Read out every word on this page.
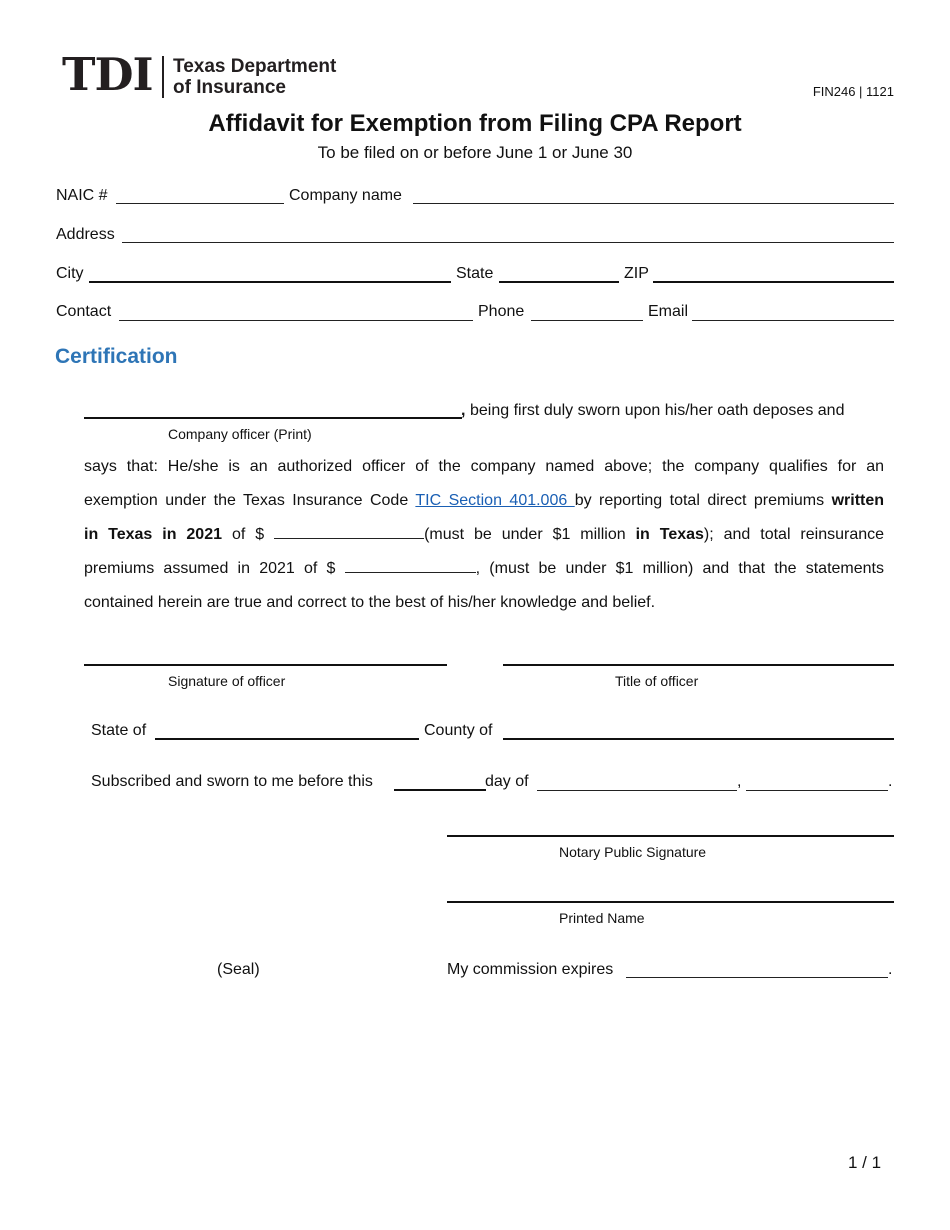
TDI Texas Department
of Insurance	FIN246 | 1121
Affidavit for Exemption from Filing CPA Report
To be filed on or before June 1 or June 30
NAIC #	Company name
Address
City	State	ZIP
Contact	Phone	Email
Certification
, being first duly sworn upon his/her oath deposes and
Company officer (Print)
says that: He/she is an authorized officer of the company named above; the company qualifies for an
exemption under the Texas Insurance Code TIC Section 401.006 by reporting total direct premiums written
in Texas in 2021 of $	(must be under $1 million in Texas); and total reinsurance
premiums assumed in 2021 of $	, (must be under $1 million) and that the statements
contained herein are true and correct to the best of his/her knowledge and belief.
Signature of officer	Title of officer
State of	County of
Subscribed and sworn to me before this	day of	,	.
Notary Public Signature
Printed Name
(Seal)	My commission expires	.
1 / 1
